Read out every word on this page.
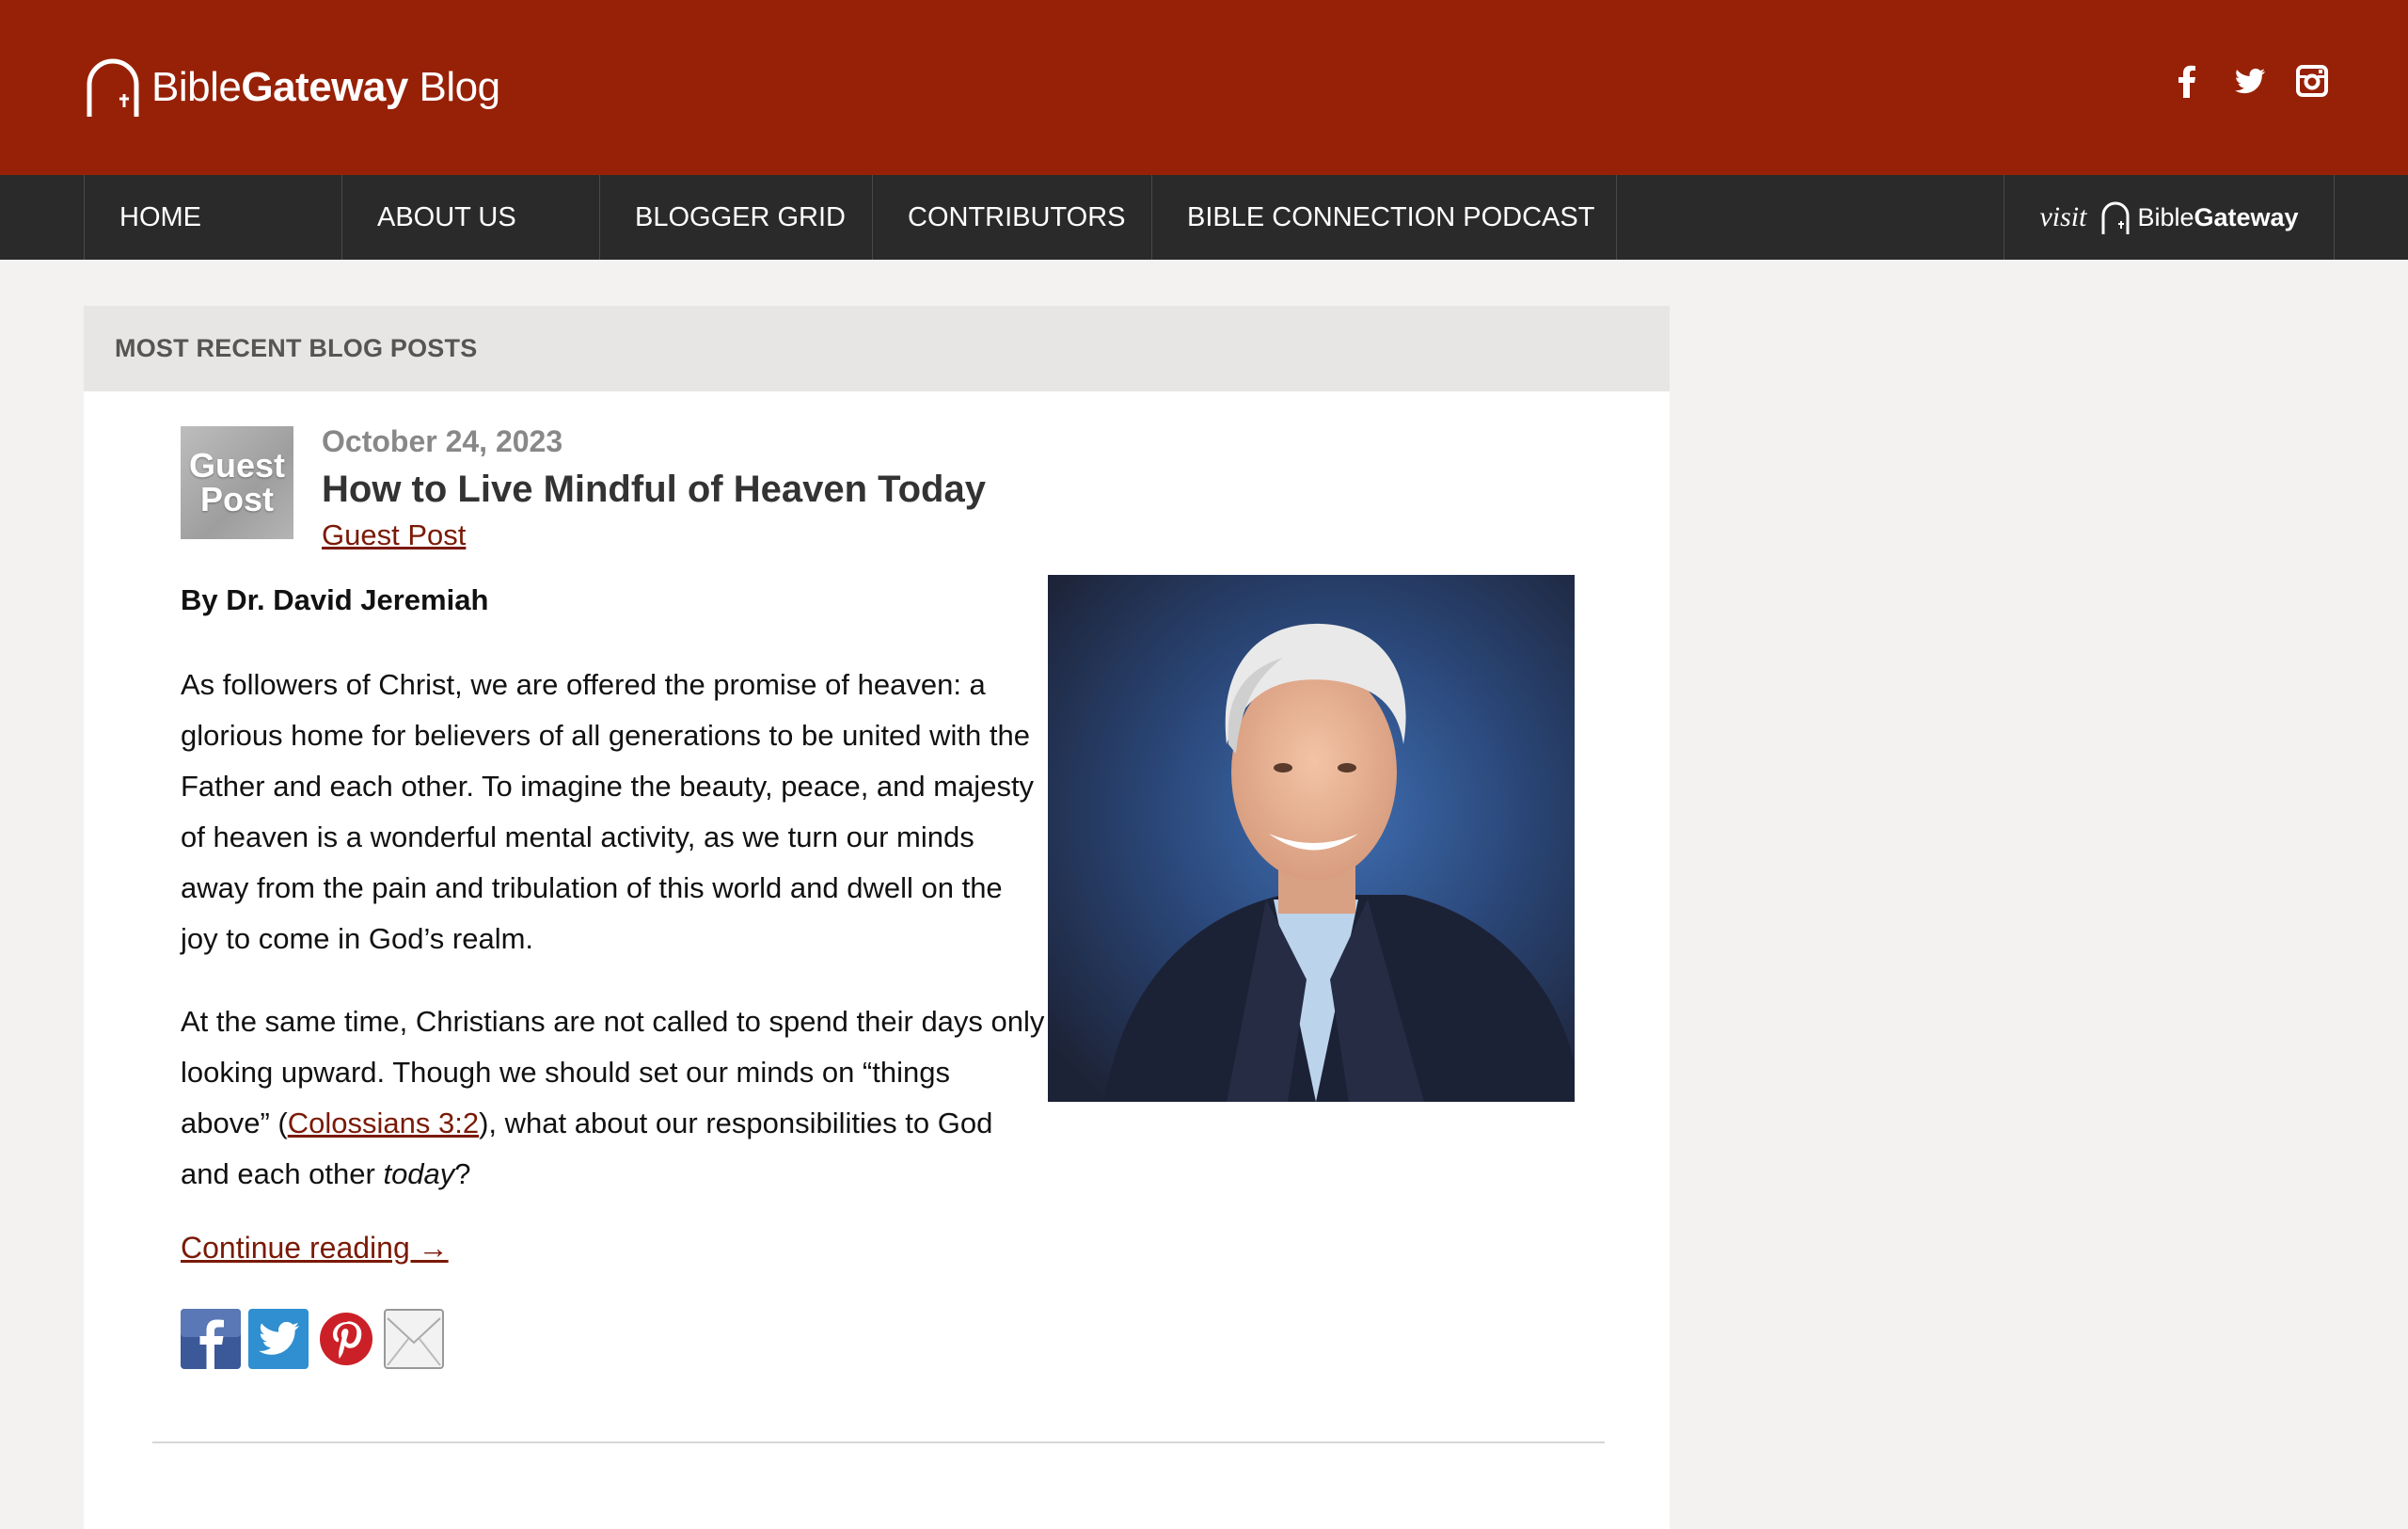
BibleGateway Blog
HOME	ABOUT US	BLOGGER GRID	CONTRIBUTORS	BIBLE CONNECTION PODCAST	visit BibleGateway
MOST RECENT BLOG POSTS
Guest
Post
October 24, 2023
How to Live Mindful of Heaven Today
Guest Post
By Dr. David Jeremiah

As followers of Christ, we are offered the promise of heaven: a glorious home for believers of all generations to be united with the Father and each other. To imagine the beauty, peace, and majesty of heaven is a wonderful mental activity, as we turn our minds away from the pain and tribulation of this world and dwell on the joy to come in God’s realm.

At the same time, Christians are not called to spend their days only looking upward. Though we should set our minds on “things above” (Colossians 3:2), what about our responsibilities to God and each other today?

Continue reading →
